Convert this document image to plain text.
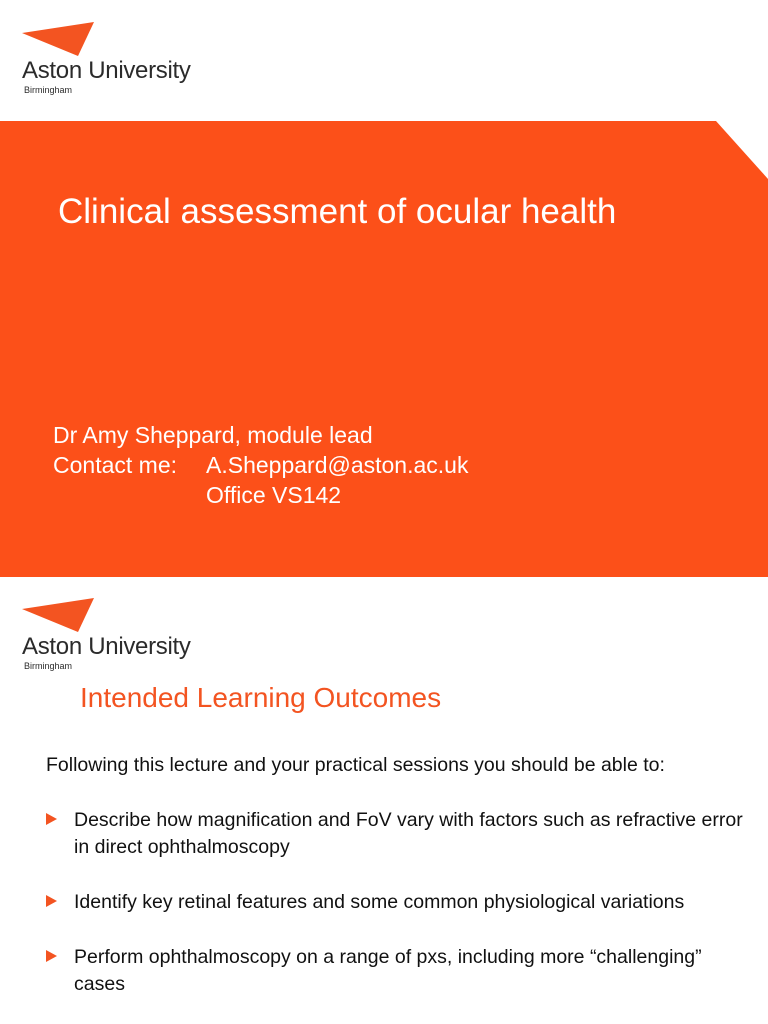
Aston University
Birmingham
Clinical assessment of ocular health
Dr Amy Sheppard, module lead
Contact me: A.Sheppard@aston.ac.uk
Office VS142
Aston University
Birmingham
Intended Learning Outcomes
Following this lecture and your practical sessions you should be able to:
Describe how magnification and FoV vary with factors such as refractive error in direct ophthalmoscopy
Identify key retinal features and some common physiological variations
Perform ophthalmoscopy on a range of pxs, including more “challenging” cases
